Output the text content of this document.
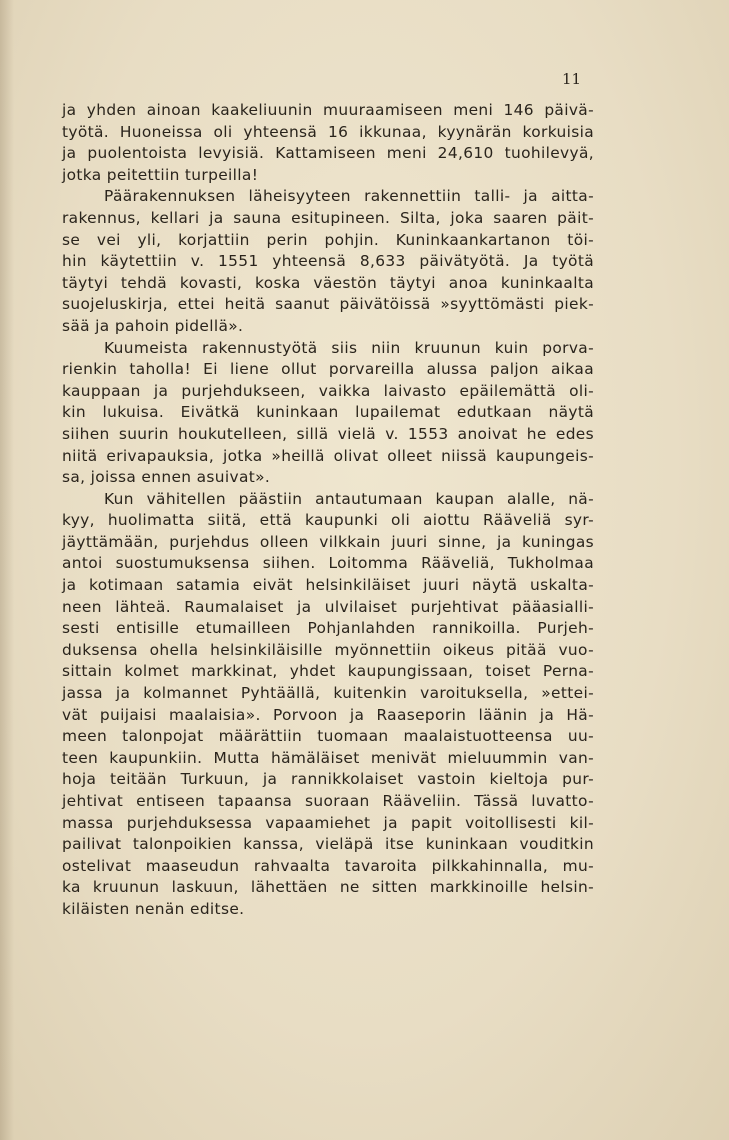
11
ja yhden ainoan kaakeliuunin muuraamiseen meni 146 päivä-
työtä. Huoneissa oli yhteensä 16 ikkunaa, kyynärän korkuisia
ja puolentoista levyisiä. Kattamiseen meni 24,610 tuohilevyä,
jotka peitettiin turpeilla!
Päärakennuksen läheisyyteen rakennettiin talli- ja aitta-
rakennus, kellari ja sauna esitupineen. Silta, joka saaren päit-
se vei yli, korjattiin perin pohjin. Kuninkaankartanon töi-
hin käytettiin v. 1551 yhteensä 8,633 päivätyötä. Ja työtä
täytyi tehdä kovasti, koska väestön täytyi anoa kuninkaalta
suojeluskirja, ettei heitä saanut päivätöissä »syyttömästi piek-
sää ja pahoin pidellä».
Kuumeista rakennustyötä siis niin kruunun kuin porva-
rienkin taholla! Ei liene ollut porvareilla alussa paljon aikaa
kauppaan ja purjehdukseen, vaikka laivasto epäilemättä oli-
kin lukuisa. Eivätkä kuninkaan lupailemat edutkaan näytä
siihen suurin houkutelleen, sillä vielä v. 1553 anoivat he edes
niitä erivapauksia, jotka »heillä olivat olleet niissä kaupungeis-
sa, joissa ennen asuivat».
Kun vähitellen päästiin antautumaan kaupan alalle, nä-
kyy, huolimatta siitä, että kaupunki oli aiottu Rääveliä syr-
jäyttämään, purjehdus olleen vilkkain juuri sinne, ja kuningas
antoi suostumuksensa siihen. Loitomma Rääveliä, Tukholmaa
ja kotimaan satamia eivät helsinkiläiset juuri näytä uskalta-
neen lähteä. Raumalaiset ja ulvilaiset purjehtivat pääasialli-
sesti entisille etumailleen Pohjanlahden rannikoilla. Purjeh-
duksensa ohella helsinkiläisille myönnettiin oikeus pitää vuo-
sittain kolmet markkinat, yhdet kaupungissaan, toiset Perna-
jassa ja kolmannet Pyhtäällä, kuitenkin varoituksella, »ettei-
vät puijaisi maalaisia». Porvoon ja Raaseporin läänin ja Hä-
meen talonpojat määrättiin tuomaan maalaistuotteensa uu-
teen kaupunkiin. Mutta hämäläiset menivät mieluummin van-
hoja teitään Turkuun, ja rannikkolaiset vastoin kieltoja pur-
jehtivat entiseen tapaansa suoraan Rääveliin. Tässä luvatto-
massa purjehduksessa vapaamiehet ja papit voitollisesti kil-
pailivat talonpoikien kanssa, vieläpä itse kuninkaan vouditkin
ostelivat maaseudun rahvaalta tavaroita pilkkahinnalla, mu-
ka kruunun laskuun, lähettäen ne sitten markkinoille helsin-
kiläisten nenän editse.
